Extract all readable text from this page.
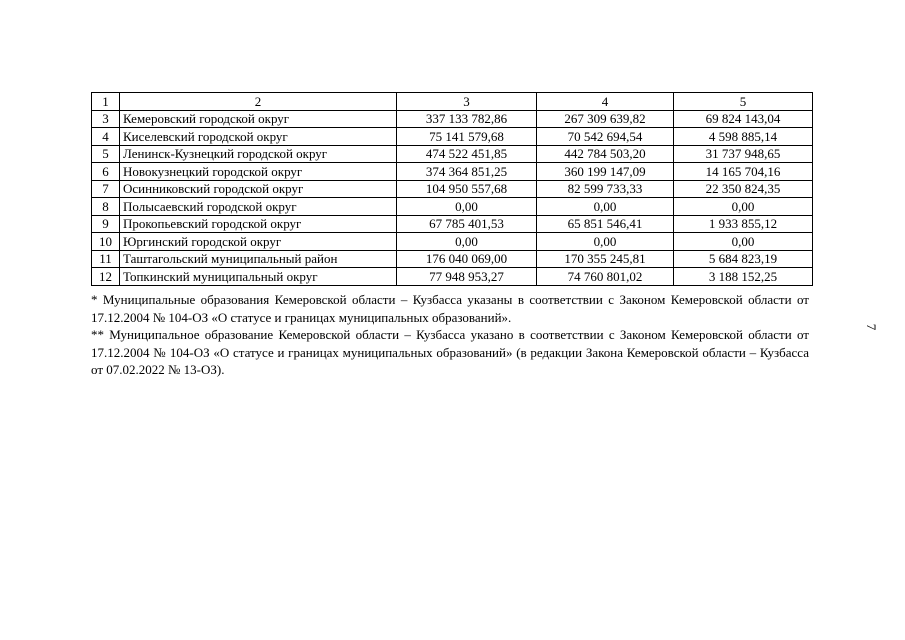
1	2	3	4	5
3	Кемеровский городской округ	337 133 782,86	267 309 639,82	69 824 143,04
4	Киселевский городской округ	75 141 579,68	70 542 694,54	4 598 885,14
5	Ленинск-Кузнецкий городской округ	474 522 451,85	442 784 503,20	31 737 948,65
6	Новокузнецкий городской округ	374 364 851,25	360 199 147,09	14 165 704,16
7	Осинниковский городской округ	104 950 557,68	82 599 733,33	22 350 824,35
8	Полысаевский городской округ	0,00	0,00	0,00
9	Прокопьевский городской округ	67 785 401,53	65 851 546,41	1 933 855,12
10	Юргинский городской округ	0,00	0,00	0,00
11	Таштагольский муниципальный район	176 040 069,00	170 355 245,81	5 684 823,19
12	Топкинский муниципальный округ	77 948 953,27	74 760 801,02	3 188 152,25

* Муниципальные образования Кемеровской области – Кузбасса указаны в соответствии с Законом Кемеровской области от 17.12.2004 № 104-ОЗ «О статусе и границах муниципальных образований».

** Муниципальное образование Кемеровской области – Кузбасса указано в соответствии с Законом Кемеровской области от 17.12.2004 № 104-ОЗ «О статусе и границах муниципальных образований» (в редакции Закона Кемеровской области – Кузбасса от 07.02.2022 № 13-ОЗ).

7
